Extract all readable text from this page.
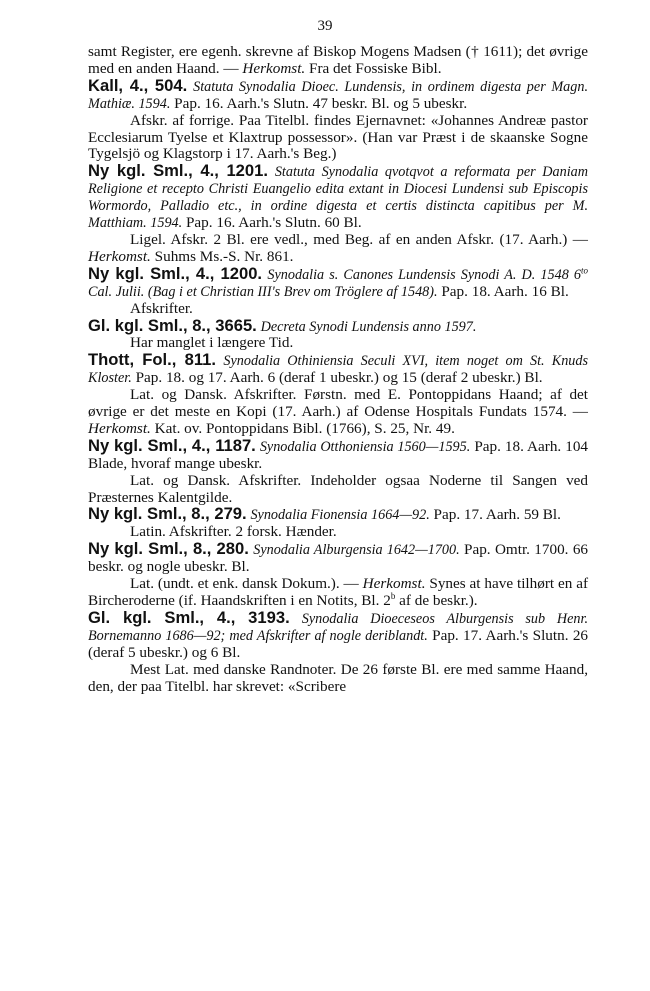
39

samt Register, ere egenh. skrevne af Biskop Mogens Madsen († 1611); det øvrige med en anden Haand. — Herkomst. Fra det Fossiske Bibl.

Kall, 4., 504. Statuta Synodalia Dioec. Lundensis, in ordinem digesta per Magn. Mathiæ. 1594. Pap. 16. Aarh.'s Slutn. 47 beskr. Bl. og 5 ubeskr.

Afskr. af forrige. Paa Titelbl. findes Ejernavnet: «Johannes Andreæ pastor Ecclesiarum Tyelse et Klaxtrup possessor». (Han var Præst i de skaanske Sogne Tygelsjö og Klagstorp i 17. Aarh.'s Beg.)

Ny kgl. Sml., 4., 1201. Statuta Synodalia qvotqvot a reformata per Daniam Religione et recepto Christi Euangelio edita extant in Diocesi Lundensi sub Episcopis Wormordo, Palladio etc., in ordine digesta et certis distincta capitibus per M. Matthiam. 1594. Pap. 16. Aarh.'s Slutn. 60 Bl.

Ligel. Afskr. 2 Bl. ere vedl., med Beg. af en anden Afskr. (17. Aarh.) — Herkomst. Suhms Ms.-S. Nr. 861.

Ny kgl. Sml., 4., 1200. Synodalia s. Canones Lundensis Synodi A. D. 1548 $6^{to}$ Cal. Julii. (Bag i et Christian III's Brev om Tröglere af 1548). Pap. 18. Aarh. 16 Bl.

Afskrifter.

Gl. kgl. Sml., 8., 3665. Decreta Synodi Lundensis anno 1597.

Har manglet i længere Tid.

Thott, Fol., 811. Synodalia Othiniensia Seculi XVI, item noget om St. Knuds Kloster. Pap. 18. og 17. Aarh. 6 (deraf 1 ubeskr.) og 15 (deraf 2 ubeskr.) Bl.

Lat. og Dansk. Afskrifter. Førstn. med E. Pontoppidans Haand; af det øvrige er det meste en Kopi (17. Aarh.) af Odense Hospitals Fundats 1574. — Herkomst. Kat. ov. Pontoppidans Bibl. (1766), S. 25, Nr. 49.

Ny kgl. Sml., 4., 1187. Synodalia Otthoniensia 1560—1595. Pap. 18. Aarh. 104 Blade, hvoraf mange ubeskr.

Lat. og Dansk. Afskrifter. Indeholder ogsaa Noderne til Sangen ved Præsternes Kalentgilde.

Ny kgl. Sml., 8., 279. Synodalia Fionensia 1664—92. Pap. 17. Aarh. 59 Bl.

Latin. Afskrifter. 2 forsk. Hænder.

Ny kgl. Sml., 8., 280. Synodalia Alburgensia 1642—1700. Pap. Omtr. 1700. 66 beskr. og nogle ubeskr. Bl.

Lat. (undt. et enk. dansk Dokum.). — Herkomst. Synes at have tilhørt en af Bircheroderne (if. Haandskriften i en Notits, Bl. 2$^b$ af de beskr.).

Gl. kgl. Sml., 4., 3193. Synodalia Dioeceseos Alburgensis sub Henr. Bornemanno 1686—92; med Afskrifter af nogle deriblandt. Pap. 17. Aarh.'s Slutn. 26 (deraf 5 ubeskr.) og 6 Bl.

Mest Lat. med danske Randnoter. De 26 første Bl. ere med samme Haand, den, der paa Titelbl. har skrevet: «Scribere
